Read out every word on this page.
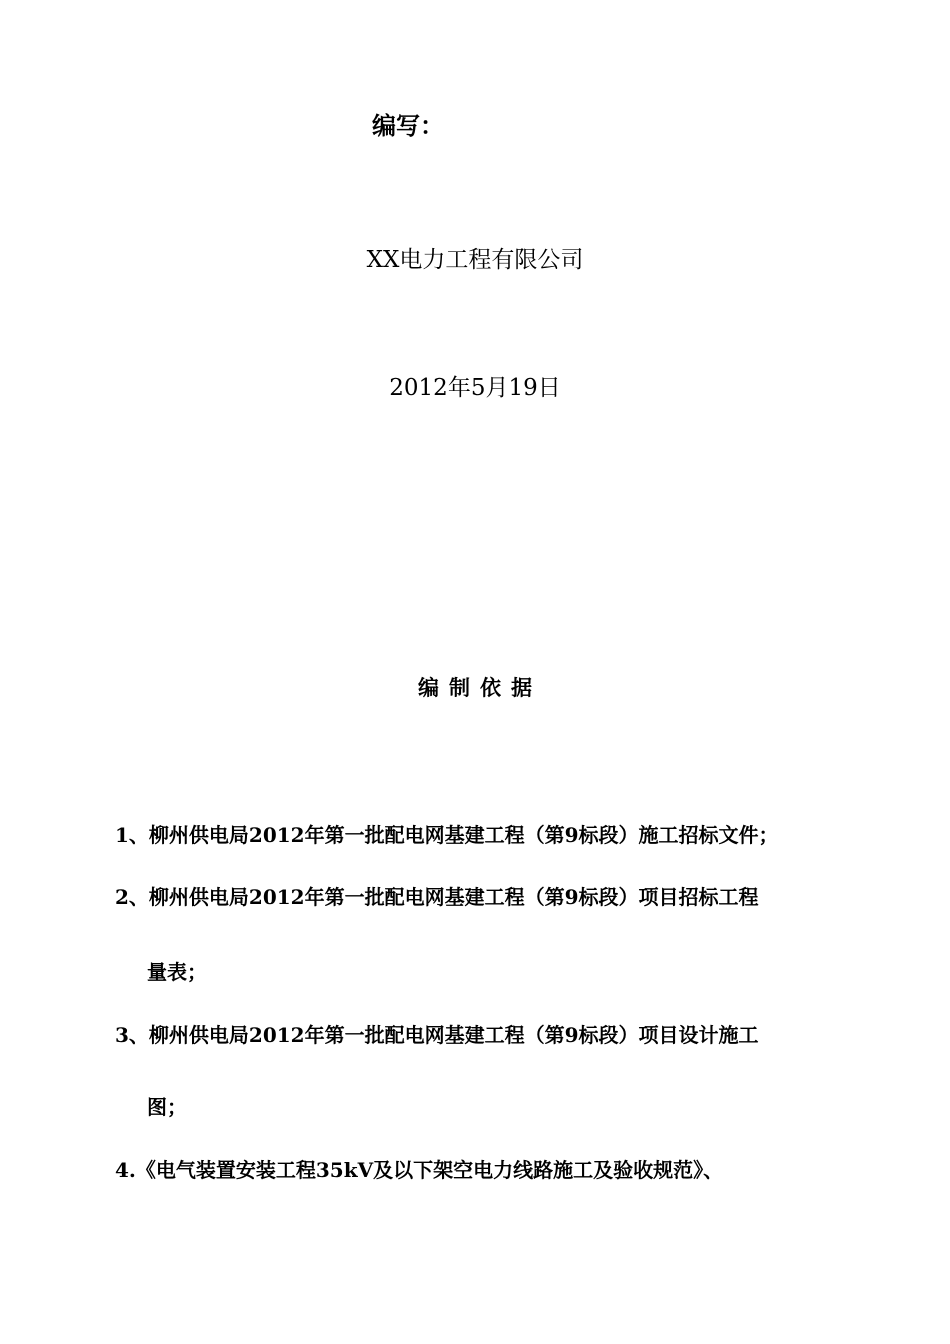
编写：
XX电力工程有限公司
2012年5月19日
编制依据
1、柳州供电局2012年第一批配电网基建工程（第9标段）施工招标文件；
2、柳州供电局2012年第一批配电网基建工程（第9标段）项目招标工程
量表；
3、柳州供电局2012年第一批配电网基建工程（第9标段）项目设计施工
图；
4.《电气装置安装工程35kV及以下架空电力线路施工及验收规范》、
